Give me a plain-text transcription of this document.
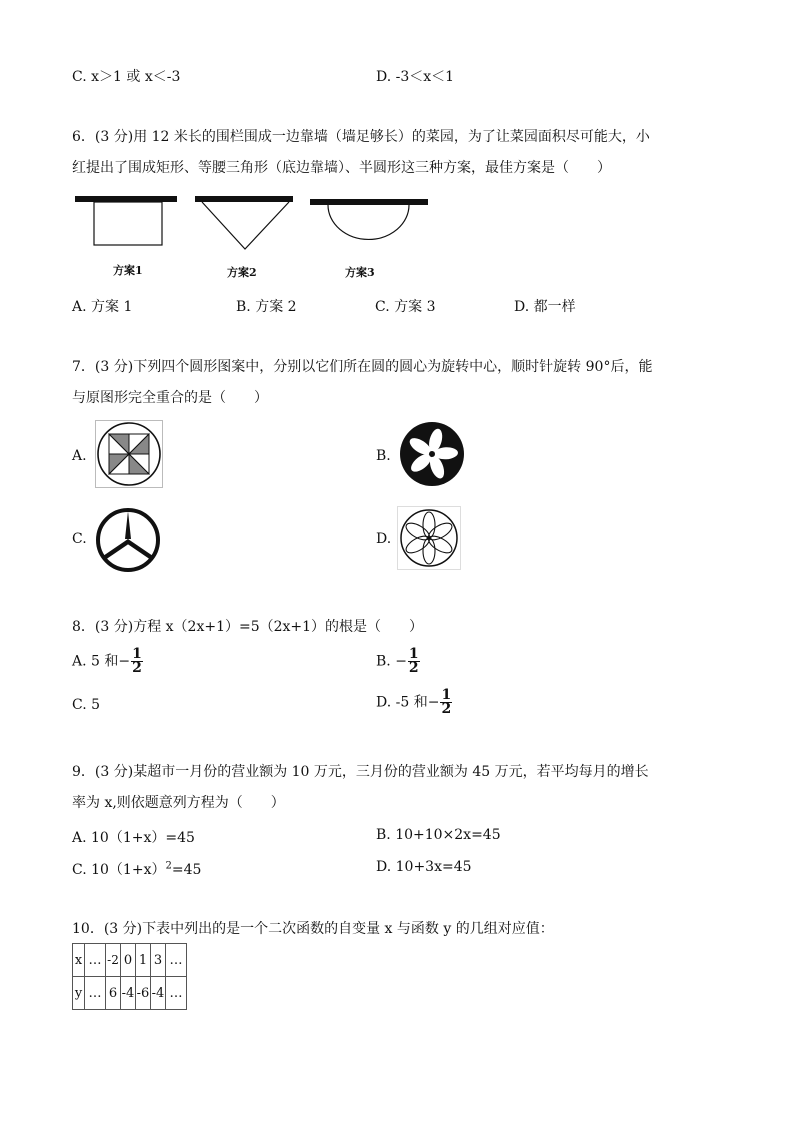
C. x＞1 或 x＜-3	D. -3＜x＜1
6．(3 分)用 12 米长的围栏围成一边靠墙（墙足够长）的菜园，为了让菜园面积尽可能大，小
红提出了围成矩形、等腰三角形（底边靠墙）、半圆形这三种方案，最佳方案是（　　）
方案1	方案2	方案3
A. 方案 1	B. 方案 2	C. 方案 3	D. 都一样
7．(3 分)下列四个圆形图案中，分别以它们所在圆的圆心为旋转中心，顺时针旋转 90°后，能
与原图形完全重合的是（　　）
A.	B.
C.	D.
8．(3 分)方程 x（2x+1）=5（2x+1）的根是（　　）
A. 5 和− $\frac{1}{2}$	B. − $\frac{1}{2}$
C. 5	D. -5 和− $\frac{1}{2}$
9．(3 分)某超市一月份的营业额为 10 万元，三月份的营业额为 45 万元，若平均每月的增长
率为 x,则依题意列方程为（　　）
A. 10（1+x）=45	B. 10+10×2x=45
C. $10(1+x)^2=45$	D. 10+3x=45
10．(3 分)下表中列出的是一个二次函数的自变量 x 与函数 y 的几组对应值：
x	…	-2	0	1	3	…
y	…	6	-4	-6	-4	…
